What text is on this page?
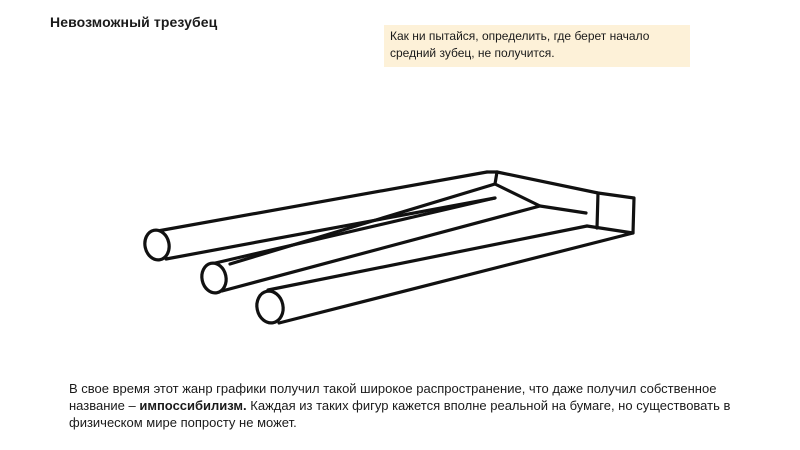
Невозможный трезубец
Как ни пытайся, определить, где берет начало средний зубец, не получится.
В свое время этот жанр графики получил такой широкое распространение, что даже получил собственное название – импоссибилизм. Каждая из таких фигур кажется вполне реальной на бумаге, но существовать в физическом мире попросту не может.
